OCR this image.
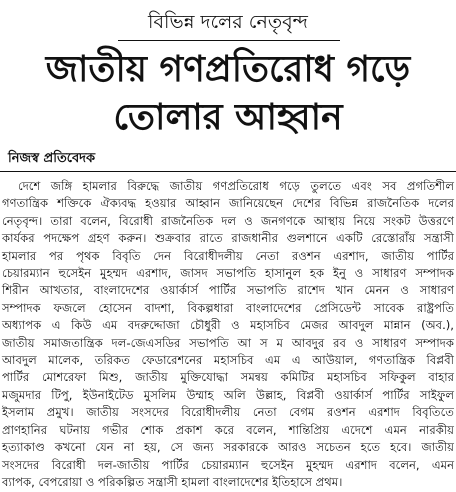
বিভিন্ন দলের নেতৃবৃন্দ
জাতীয় গণপ্রতিরোধ গড়ে
তোলার আহ্বান
নিজস্ব প্রতিবেদক
দেশে জঙ্গি হামলার বিরুদ্ধে জাতীয় গণপ্রতিরোধ গড়ে তুলতে এবং সব প্রগতিশীল
গণতান্ত্রিক শক্তিকে ঐক্যবদ্ধ হওয়ার আহ্বান জানিয়েছেন দেশের বিভিন্ন রাজনৈতিক দলের
নেতৃবৃন্দ। তারা বলেন, বিরোধী রাজনৈতিক দল ও জনগণকে আস্থায় নিয়ে সংকট উত্তরণে
কার্যকর পদক্ষেপ গ্রহণ করুন। শুক্রবার রাতে রাজধানীর গুলশানে একটি রেস্তোরাঁয় সন্ত্রাসী
হামলার পর পৃথক বিবৃতি দেন বিরোধীদলীয় নেতা রওশন এরশাদ, জাতীয় পার্টির
চেয়ারম্যান হুসেইন মুহম্মদ এরশাদ, জাসদ সভাপতি হাসানুল হক ইনু ও সাধারণ সম্পাদক
শিরীন আখতার, বাংলাদেশের ওয়ার্কার্স পার্টির সভাপতি রাশেদ খান মেনন ও সাধারণ
সম্পাদক ফজলে হোসেন বাদশা, বিকল্পধারা বাংলাদেশের প্রেসিডেন্ট সাবেক রাষ্ট্রপতি
অধ্যাপক এ কিউ এম বদরুদ্দোজা চৌধুরী ও মহাসচিব মেজর আবদুল মান্নান (অব.),
জাতীয় সমাজতান্ত্রিক দল-জেএসডির সভাপতি আ স ম আবদুর রব ও সাধারণ সম্পাদক
আবদুল মালেক, তরিকত ফেডারেশনের মহাসচিব এম এ আউয়াল, গণতান্ত্রিক বিপ্লবী
পার্টির মোশরেফা মিশু, জাতীয় মুক্তিযোদ্ধা সমন্বয় কমিটির মহাসচিব সফিকুল বাহার
মজুমদার টিপু, ইউনাইটেড মুসলিম উম্মাহ অলি উল্লাহ, বিপ্লবী ওয়ার্কার্স পার্টির সাইফুল
ইসলাম প্রমুখ। জাতীয় সংসদের বিরোধীদলীয় নেতা বেগম রওশন এরশাদ বিবৃতিতে
প্রাণহানির ঘটনায় গভীর শোক প্রকাশ করে বলেন, শান্তিপ্রিয় এদেশে এমন নারকীয়
হত্যাকাণ্ড কখনো যেন না হয়, সে জন্য সরকারকে আরও সচেতন হতে হবে। জাতীয়
সংসদের বিরোধী দল-জাতীয় পার্টির চেয়ারম্যান হুসেইন মুহম্মদ এরশাদ বলেন, এমন
ব্যাপক, বেপরোয়া ও পরিকল্পিত সন্ত্রাসী হামলা বাংলাদেশের ইতিহাসে প্রথম।
